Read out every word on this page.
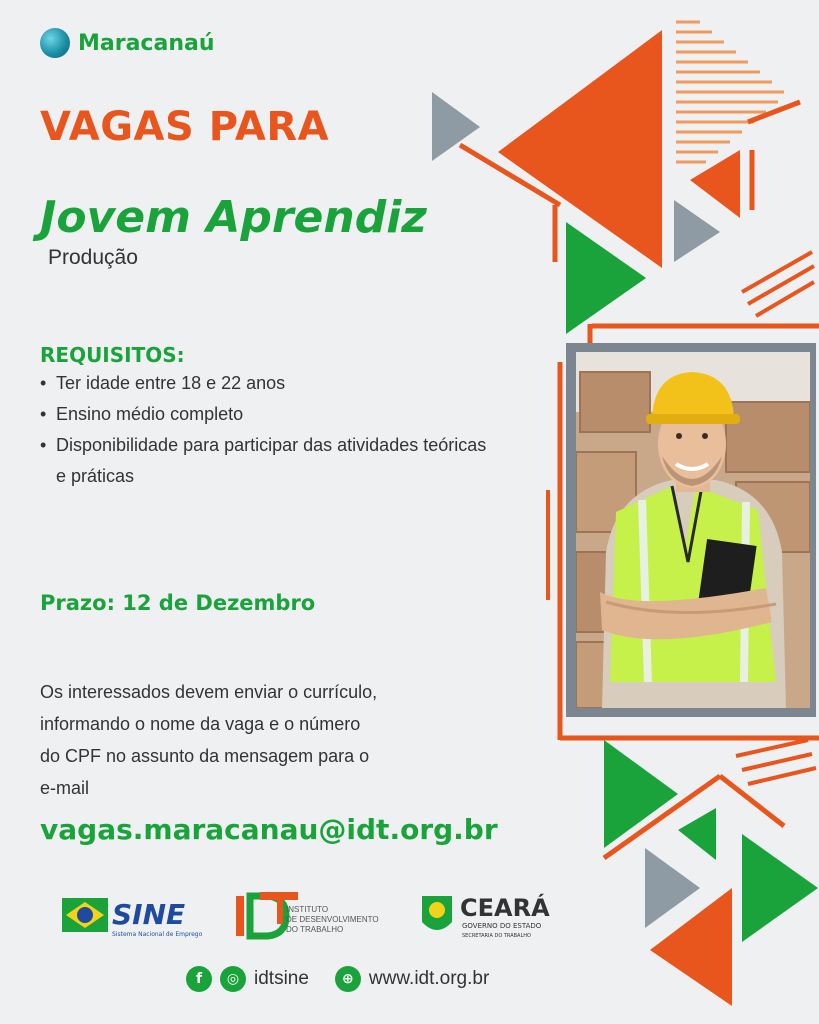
Maracanaú
VAGAS PARA
Jovem Aprendiz
Produção
REQUISITOS:
• Ter idade entre 18 e 22 anos
• Ensino médio completo
• Disponibilidade para participar das atividades teóricas e práticas
Prazo: 12 de Dezembro
Os interessados devem enviar o currículo, informando o nome da vaga e o número do CPF no assunto da mensagem para o e-mail
vagas.maracanau@idt.org.br
SINE
Sistema Nacional de Emprego
INSTITUTO
DE DESENVOLVIMENTO
DO TRABALHO
CEARÁ
GOVERNO DO ESTADO
SECRETARIA DO TRABALHO
f	◎ idtsine	⊕ www.idt.org.br
